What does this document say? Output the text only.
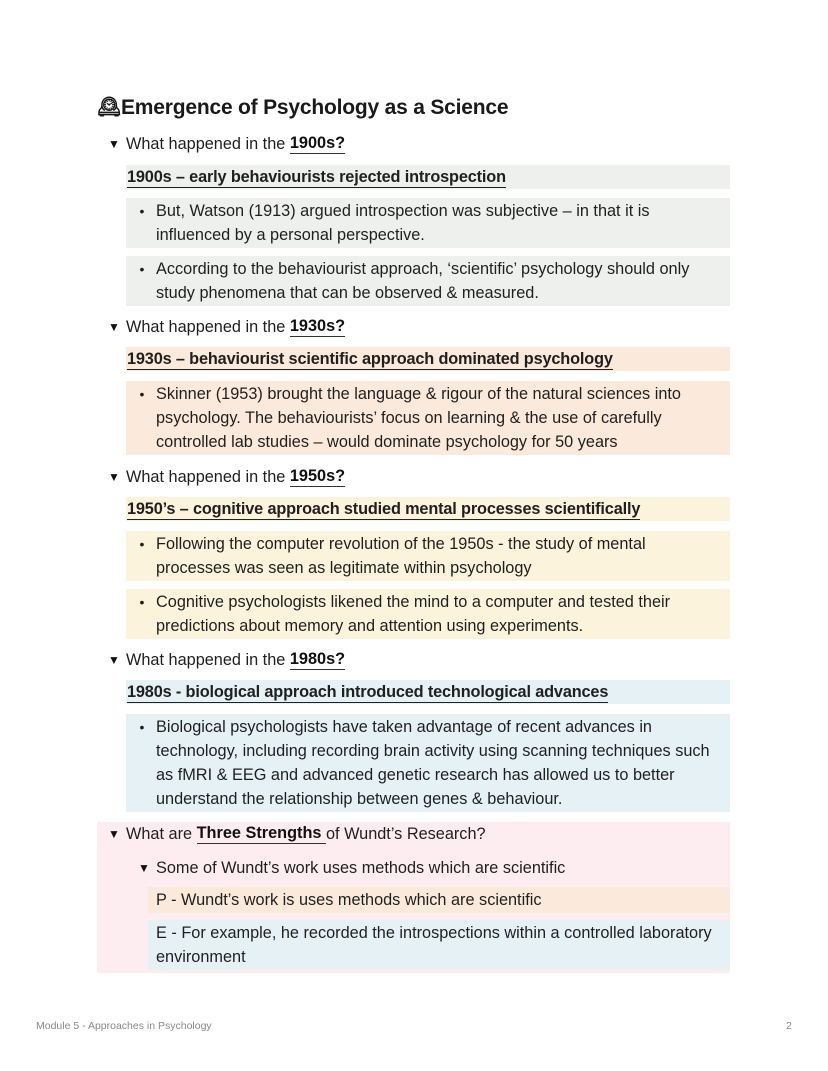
🕰 Emergence of Psychology as a Science
▼ What happened in the 1900s?
1900s – early behaviourists rejected introspection
• But, Watson (1913) argued introspection was subjective – in that it is influenced by a personal perspective.
• According to the behaviourist approach, ‘scientific’ psychology should only study phenomena that can be observed & measured.
▼ What happened in the 1930s?
1930s – behaviourist scientific approach dominated psychology
• Skinner (1953) brought the language & rigour of the natural sciences into psychology. The behaviourists’ focus on learning & the use of carefully controlled lab studies – would dominate psychology for 50 years
▼ What happened in the 1950s?
1950’s – cognitive approach studied mental processes scientifically
• Following the computer revolution of the 1950s - the study of mental processes was seen as legitimate within psychology
• Cognitive psychologists likened the mind to a computer and tested their predictions about memory and attention using experiments.
▼ What happened in the 1980s?
1980s - biological approach introduced technological advances
• Biological psychologists have taken advantage of recent advances in technology, including recording brain activity using scanning techniques such as fMRI & EEG and advanced genetic research has allowed us to better understand the relationship between genes & behaviour.
▼ What are Three Strengths of Wundt’s Research?
▼ Some of Wundt’s work uses methods which are scientific
P - Wundt’s work is uses methods which are scientific
E - For example, he recorded the introspections within a controlled laboratory environment
Module 5 - Approaches in Psychology	2
